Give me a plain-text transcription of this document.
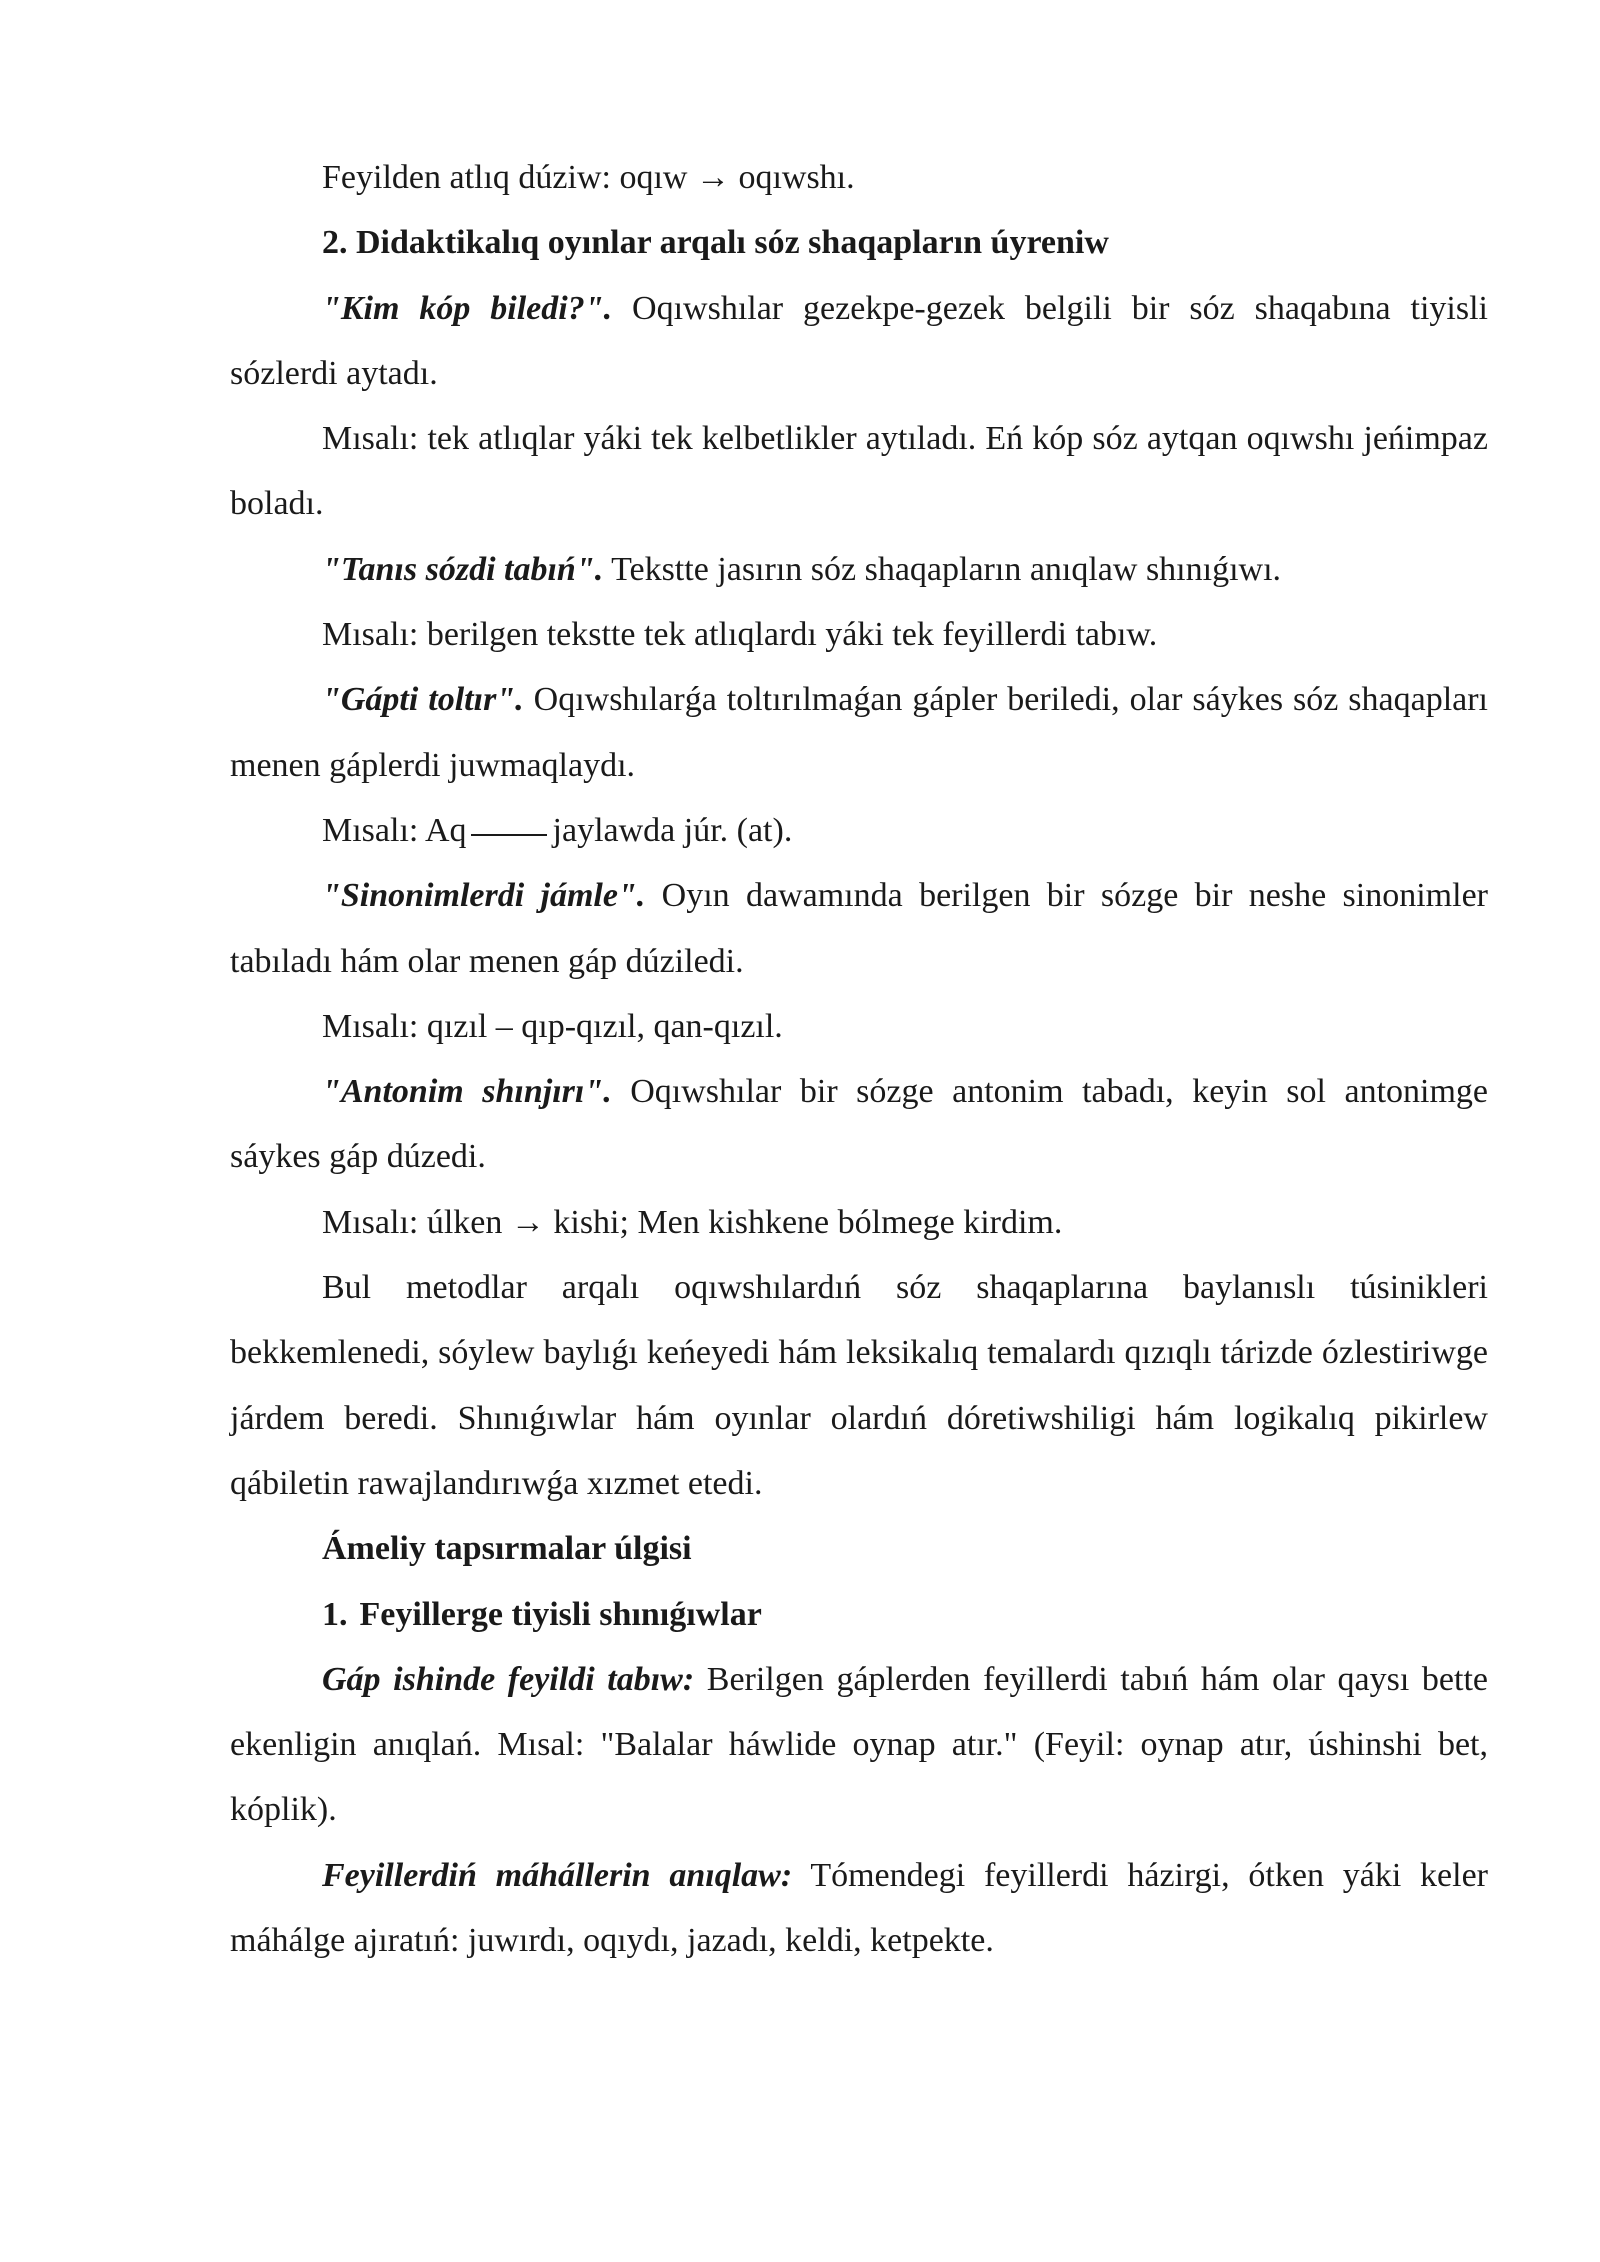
Feyilden atlıq dúziw: oqıw → oqıwshı.

2. Didaktikalıq oyınlar arqalı sóz shaqapların úyreniw

"Kim kóp biledi?". Oqıwshılar gezekpe-gezek belgili bir sóz shaqabına tiyisli sózlerdi aytadı.

Mısalı: tek atlıqlar yáki tek kelbetlikler aytıladı. Eń kóp sóz aytqan oqıwshı jeńimpaz boladı.

"Tanıs sózdi tabıń". Tekstte jasırın sóz shaqapların anıqlaw shınıǵıwı.

Mısalı: berilgen tekstte tek atlıqlardı yáki tek feyillerdi tabıw.

"Gápti toltır". Oqıwshılarǵa toltırılmaǵan gápler beriledi, olar sáykes sóz shaqapları menen gáplerdi juwmaqlaydı.

Mısalı: Aq	jaylawda júr. (at).

"Sinonimlerdi jámle". Oyın dawamında berilgen bir sózge bir neshe sinonimler tabıladı hám olar menen gáp dúziledi.

Mısalı: qızıl – qıp-qızıl, qan-qızıl.

"Antonim shınjırı". Oqıwshılar bir sózge antonim tabadı, keyin sol antonimge sáykes gáp dúzedi.

Mısalı: úlken → kishi; Men kishkene bólmege kirdim.

Bul metodlar arqalı oqıwshılardıń sóz shaqaplarına baylanıslı túsinikleri bekkemlenedi, sóylew baylıǵı keńeyedi hám leksikalıq temalardı qızıqlı tárizde ózlestiriwge járdem beredi. Shınıǵıwlar hám oyınlar olardıń dóretiwshiligi hám logikalıq pikirlew qábiletin rawajlandırıwǵa xızmet etedi.

Ámeliy tapsırmalar úlgisi

1. Feyillerge tiyisli shınıǵıwlar

Gáp ishinde feyildi tabıw: Berilgen gáplerden feyillerdi tabıń hám olar qaysı bette ekenligin anıqlań. Mısal: "Balalar háwlide oynap atır." (Feyil: oynap atır, úshinshi bet, kóplik).

Feyillerdiń máhállerin anıqlaw: Tómendegi feyillerdi házirgi, ótken yáki keler máhálge ajıratıń: juwırdı, oqıydı, jazadı, keldi, ketpekte.
